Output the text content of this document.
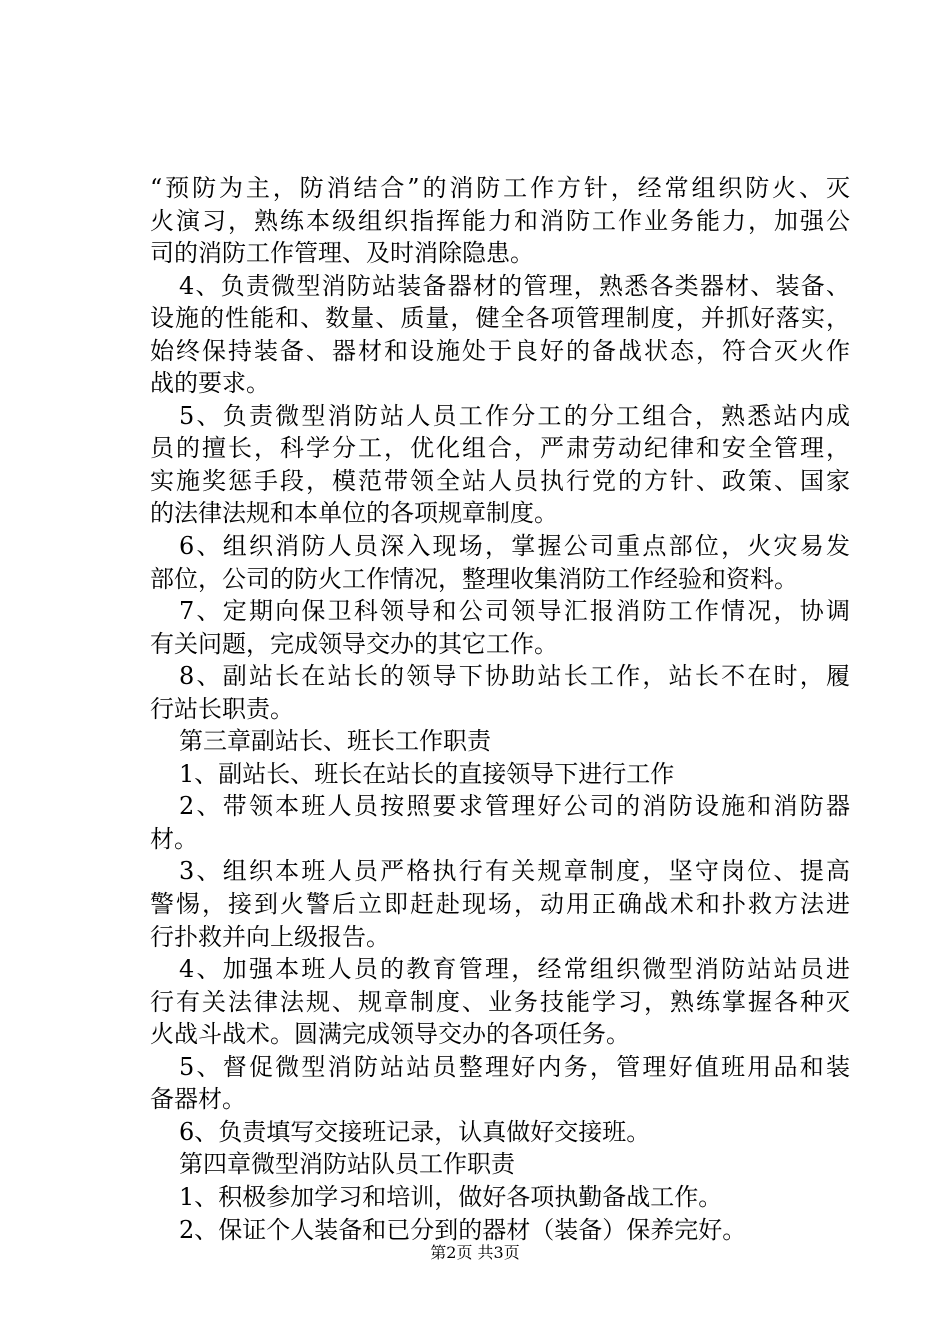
“预防为主，防消结合”的消防工作方针，经常组织防火、灭
火演习，熟练本级组织指挥能力和消防工作业务能力，加强公
司的消防工作管理、及时消除隐患。
4、负责微型消防站装备器材的管理，熟悉各类器材、装备、
设施的性能和、数量、质量，健全各项管理制度，并抓好落实，
始终保持装备、器材和设施处于良好的备战状态，符合灭火作
战的要求。
5、负责微型消防站人员工作分工的分工组合，熟悉站内成
员的擅长，科学分工，优化组合，严肃劳动纪律和安全管理，
实施奖惩手段，模范带领全站人员执行党的方针、政策、国家
的法律法规和本单位的各项规章制度。
6、组织消防人员深入现场，掌握公司重点部位，火灾易发
部位，公司的防火工作情况，整理收集消防工作经验和资料。
7、定期向保卫科领导和公司领导汇报消防工作情况，协调
有关问题，完成领导交办的其它工作。
8、副站长在站长的领导下协助站长工作，站长不在时，履
行站长职责。
第三章副站长、班长工作职责
1、副站长、班长在站长的直接领导下进行工作
2、带领本班人员按照要求管理好公司的消防设施和消防器
材。
3、组织本班人员严格执行有关规章制度，坚守岗位、提高
警惕，接到火警后立即赶赴现场，动用正确战术和扑救方法进
行扑救并向上级报告。
4、加强本班人员的教育管理，经常组织微型消防站站员进
行有关法律法规、规章制度、业务技能学习，熟练掌握各种灭
火战斗战术。圆满完成领导交办的各项任务。
5、督促微型消防站站员整理好内务，管理好值班用品和装
备器材。
6、负责填写交接班记录，认真做好交接班。
第四章微型消防站队员工作职责
1、积极参加学习和培训，做好各项执勤备战工作。
2、保证个人装备和已分到的器材（装备）保养完好。
第2页 共3页
